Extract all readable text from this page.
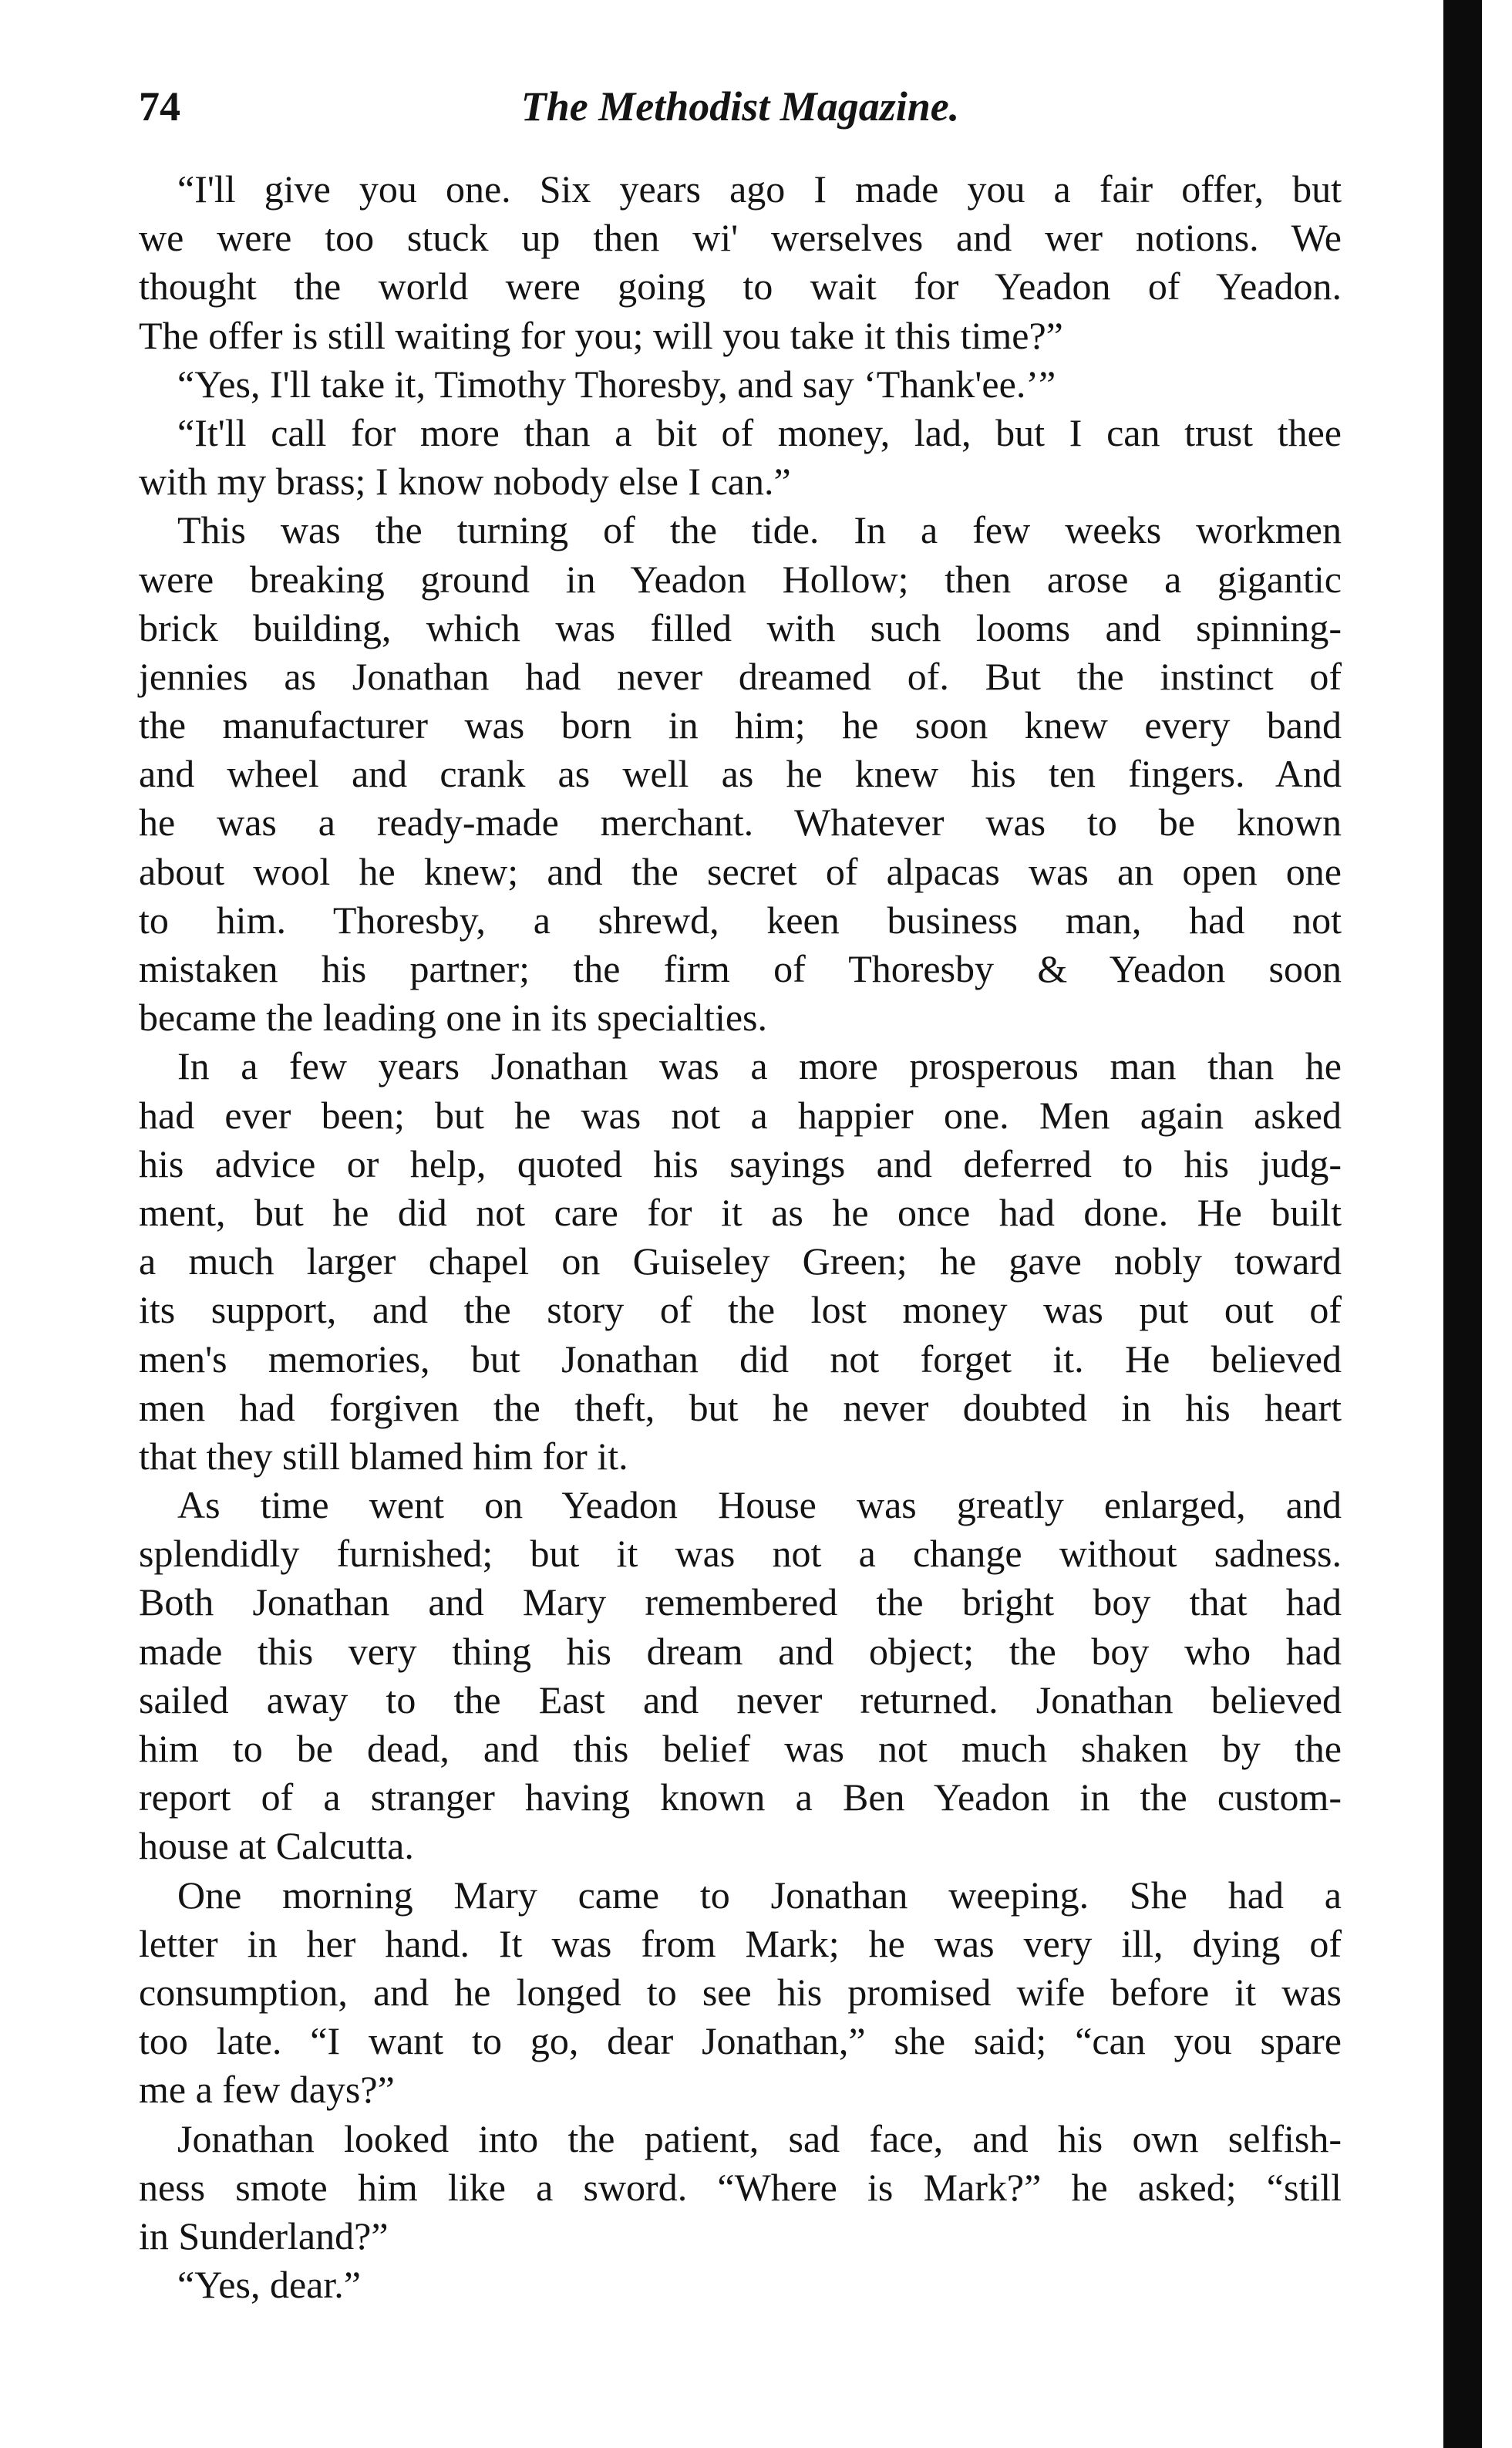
74	The Methodist Magazine.
“I'll give you one. Six years ago I made you a fair offer, but
we were too stuck up then wi' werselves and wer notions. We
thought the world were going to wait for Yeadon of Yeadon.
The offer is still waiting for you; will you take it this time?”
“Yes, I'll take it, Timothy Thoresby, and say ‘Thank'ee.’”
“It'll call for more than a bit of money, lad, but I can trust thee
with my brass; I know nobody else I can.”
This was the turning of the tide. In a few weeks workmen
were breaking ground in Yeadon Hollow; then arose a gigantic
brick building, which was filled with such looms and spinning-
jennies as Jonathan had never dreamed of. But the instinct of
the manufacturer was born in him; he soon knew every band
and wheel and crank as well as he knew his ten fingers. And
he was a ready-made merchant. Whatever was to be known
about wool he knew; and the secret of alpacas was an open one
to him. Thoresby, a shrewd, keen business man, had not
mistaken his partner; the firm of Thoresby & Yeadon soon
became the leading one in its specialties.
In a few years Jonathan was a more prosperous man than he
had ever been; but he was not a happier one. Men again asked
his advice or help, quoted his sayings and deferred to his judg-
ment, but he did not care for it as he once had done. He built
a much larger chapel on Guiseley Green; he gave nobly toward
its support, and the story of the lost money was put out of
men's memories, but Jonathan did not forget it. He believed
men had forgiven the theft, but he never doubted in his heart
that they still blamed him for it.
As time went on Yeadon House was greatly enlarged, and
splendidly furnished; but it was not a change without sadness.
Both Jonathan and Mary remembered the bright boy that had
made this very thing his dream and object; the boy who had
sailed away to the East and never returned. Jonathan believed
him to be dead, and this belief was not much shaken by the
report of a stranger having known a Ben Yeadon in the custom-
house at Calcutta.
One morning Mary came to Jonathan weeping. She had a
letter in her hand. It was from Mark; he was very ill, dying of
consumption, and he longed to see his promised wife before it was
too late. “I want to go, dear Jonathan,” she said; “can you spare
me a few days?”
Jonathan looked into the patient, sad face, and his own selfish-
ness smote him like a sword. “Where is Mark?” he asked; “still
in Sunderland?”
“Yes, dear.”
